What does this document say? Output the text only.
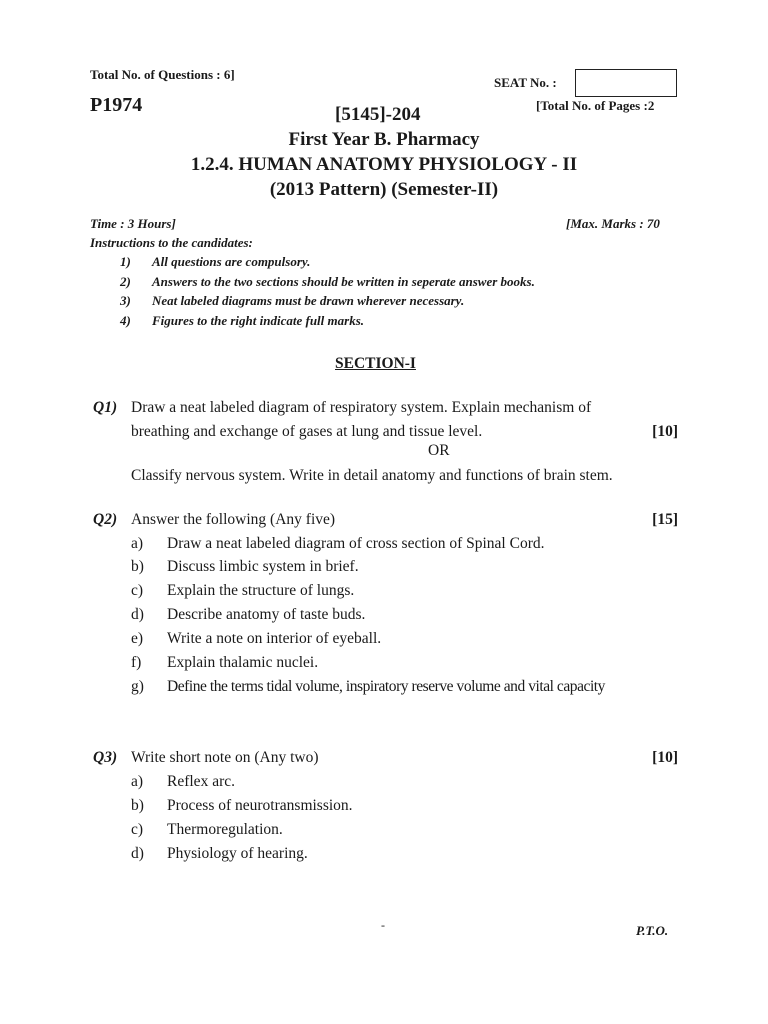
Total No. of Questions : 6]
SEAT No. :
P1974	[5145]-204	[Total No. of Pages :2
First Year B. Pharmacy
1.2.4. HUMAN ANATOMY PHYSIOLOGY - II
(2013 Pattern) (Semester-II)
Time : 3 Hours]	[Max. Marks : 70
Instructions to the candidates:
1) All questions are compulsory.
2) Answers to the two sections should be written in seperate answer books.
3) Neat labeled diagrams must be drawn wherever necessary.
4) Figures to the right indicate full marks.
SECTION-I
Q1) Draw a neat labeled diagram of respiratory system. Explain mechanism of
breathing and exchange of gases at lung and tissue level.	[10]
OR
Classify nervous system. Write in detail anatomy and functions of brain stem.
Q2) Answer the following (Any five)	[15]
a) Draw a neat labeled diagram of cross section of Spinal Cord.
b) Discuss limbic system in brief.
c) Explain the structure of lungs.
d) Describe anatomy of taste buds.
e) Write a note on interior of eyeball.
f) Explain thalamic nuclei.
g) Define the terms tidal volume, inspiratory reserve volume and vital capacity
Q3) Write short note on (Any two)	[10]
a) Reflex arc.
b) Process of neurotransmission.
c) Thermoregulation.
d) Physiology of hearing.
-	P.T.O.
